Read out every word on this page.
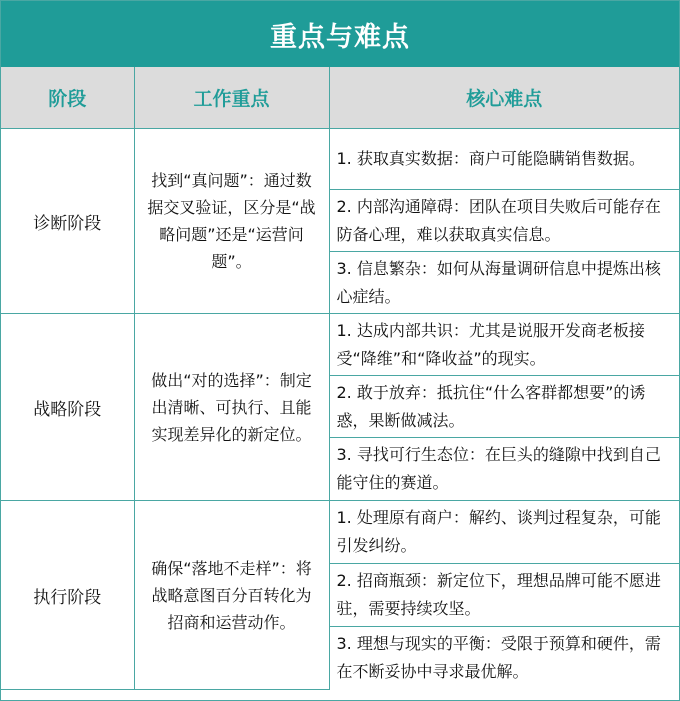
重点与难点
阶段	工作重点	核心难点
诊断阶段	找到“真问题”：通过数据交叉验证，区分是“战略问题”还是“运营问题”。	1. 获取真实数据：商户可能隐瞒销售数据。
		2. 内部沟通障碍：团队在项目失败后可能存在防备心理，难以获取真实信息。
		3. 信息繁杂：如何从海量调研信息中提炼出核心症结。
战略阶段	做出“对的选择”：制定出清晰、可执行、且能实现差异化的新定位。	1. 达成内部共识：尤其是说服开发商老板接受“降维”和“降收益”的现实。
		2. 敢于放弃：抵抗住“什么客群都想要”的诱惑，果断做减法。
		3. 寻找可行生态位：在巨头的缝隙中找到自己能守住的赛道。
执行阶段	确保“落地不走样”：将战略意图百分百转化为招商和运营动作。	1. 处理原有商户：解约、谈判过程复杂，可能引发纠纷。
		2. 招商瓶颈：新定位下，理想品牌可能不愿进驻，需要持续攻坚。
		3. 理想与现实的平衡：受限于预算和硬件，需在不断妥协中寻求最优解。
